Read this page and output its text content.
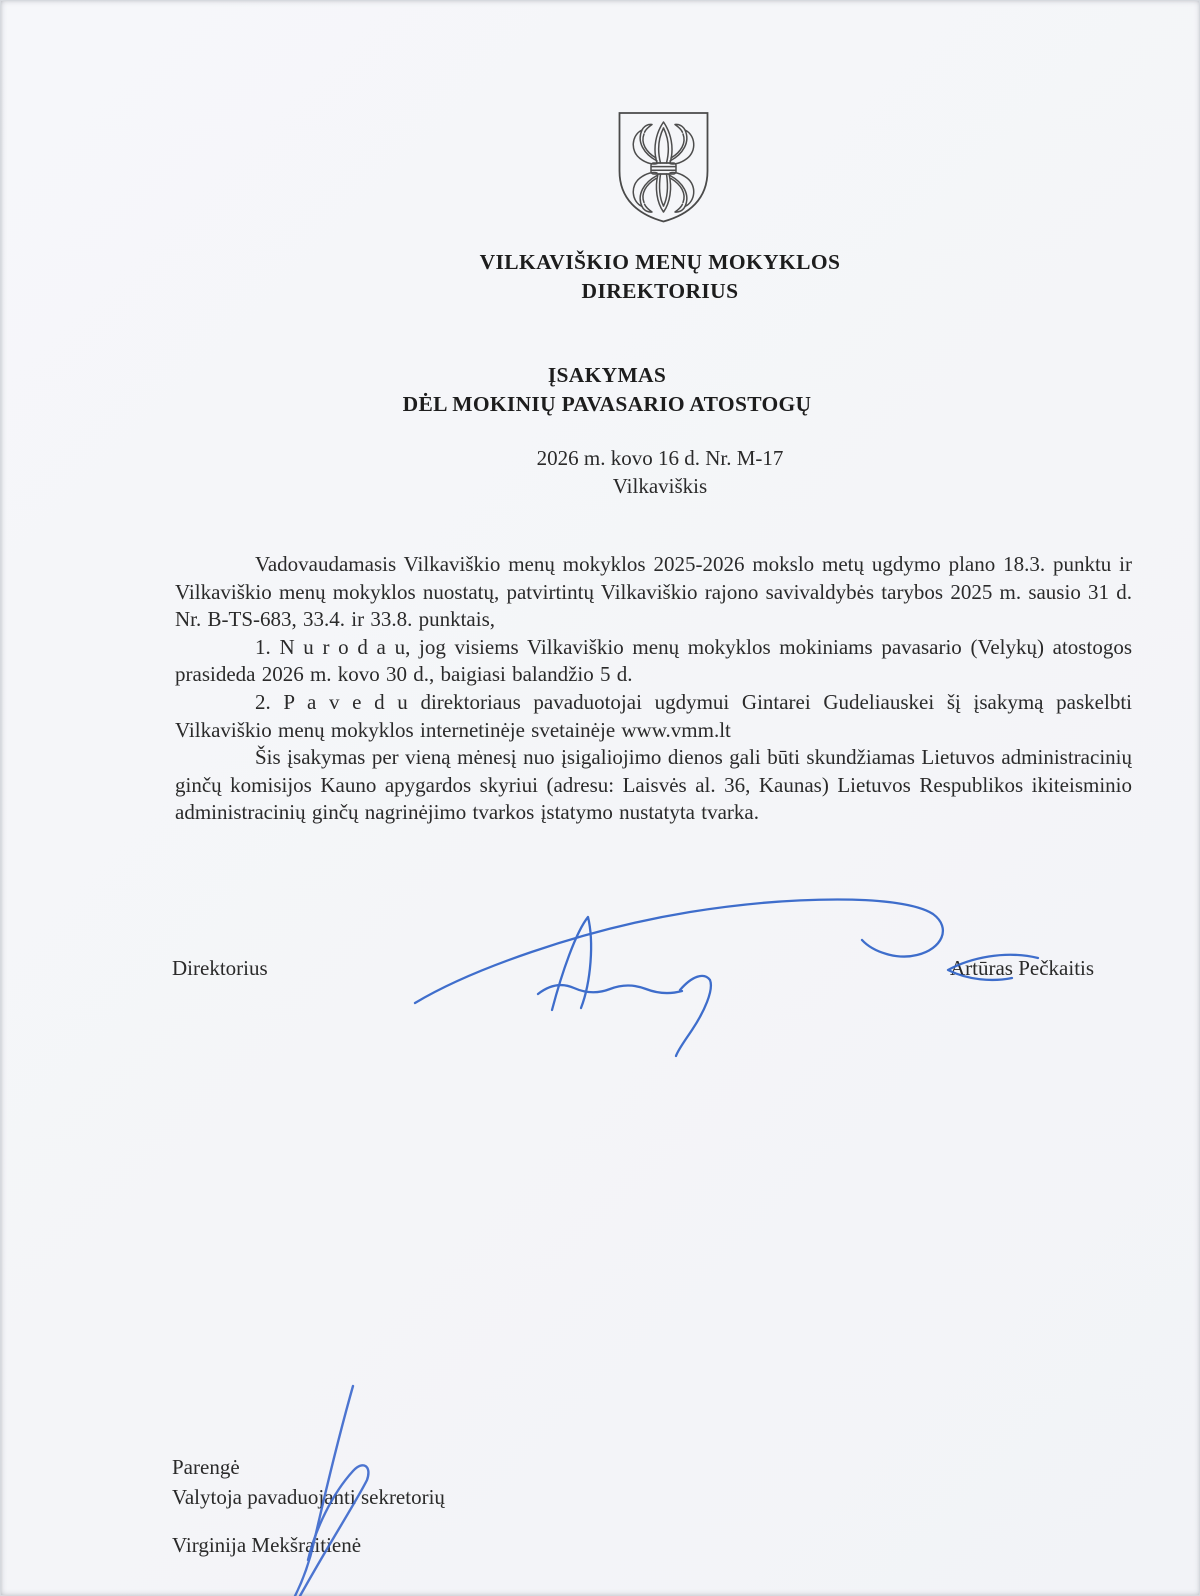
VILKAVIŠKIO MENŲ MOKYKLOS
DIREKTORIUS
ĮSAKYMAS
DĖL MOKINIŲ PAVASARIO ATOSTOGŲ
2026 m. kovo 16 d. Nr. M-17
Vilkaviškis

Vadovaudamasis Vilkaviškio menų mokyklos 2025-2026 mokslo metų ugdymo plano 18.3. punktu ir Vilkaviškio menų mokyklos nuostatų, patvirtintų Vilkaviškio rajono savivaldybės tarybos 2025 m. sausio 31 d. Nr. B-TS-683, 33.4. ir 33.8. punktais,

1. N u r o d a u, jog visiems Vilkaviškio menų mokyklos mokiniams pavasario (Velykų) atostogos prasideda 2026 m. kovo 30 d., baigiasi balandžio 5 d.

2. P a v e d u direktoriaus pavaduotojai ugdymui Gintarei Gudeliauskei šį įsakymą paskelbti Vilkaviškio menų mokyklos internetinėje svetainėje www.vmm.lt

Šis įsakymas per vieną mėnesį nuo įsigaliojimo dienos gali būti skundžiamas Lietuvos administracinių ginčų komisijos Kauno apygardos skyriui (adresu: Laisvės al. 36, Kaunas) Lietuvos Respublikos ikiteisminio administracinių ginčų nagrinėjimo tvarkos įstatymo nustatyta tvarka.

Direktorius	Artūras Pečkaitis
Parengė
Valytoja pavaduojanti sekretorių
Virginija Mekšraitienė
